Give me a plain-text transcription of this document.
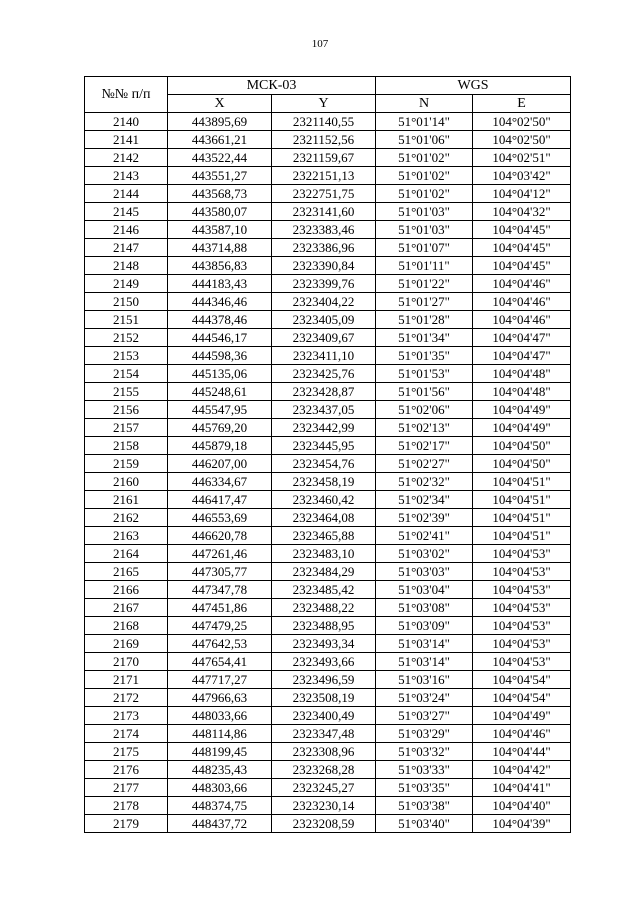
107
№№ п/п	МСК-03		WGS	
	X	Y	N	E
2140	443895,69	2321140,55	51°01'14"	104°02'50"
2141	443661,21	2321152,56	51°01'06"	104°02'50"
2142	443522,44	2321159,67	51°01'02"	104°02'51"
2143	443551,27	2322151,13	51°01'02"	104°03'42"
2144	443568,73	2322751,75	51°01'02"	104°04'12"
2145	443580,07	2323141,60	51°01'03"	104°04'32"
2146	443587,10	2323383,46	51°01'03"	104°04'45"
2147	443714,88	2323386,96	51°01'07"	104°04'45"
2148	443856,83	2323390,84	51°01'11"	104°04'45"
2149	444183,43	2323399,76	51°01'22"	104°04'46"
2150	444346,46	2323404,22	51°01'27"	104°04'46"
2151	444378,46	2323405,09	51°01'28"	104°04'46"
2152	444546,17	2323409,67	51°01'34"	104°04'47"
2153	444598,36	2323411,10	51°01'35"	104°04'47"
2154	445135,06	2323425,76	51°01'53"	104°04'48"
2155	445248,61	2323428,87	51°01'56"	104°04'48"
2156	445547,95	2323437,05	51°02'06"	104°04'49"
2157	445769,20	2323442,99	51°02'13"	104°04'49"
2158	445879,18	2323445,95	51°02'17"	104°04'50"
2159	446207,00	2323454,76	51°02'27"	104°04'50"
2160	446334,67	2323458,19	51°02'32"	104°04'51"
2161	446417,47	2323460,42	51°02'34"	104°04'51"
2162	446553,69	2323464,08	51°02'39"	104°04'51"
2163	446620,78	2323465,88	51°02'41"	104°04'51"
2164	447261,46	2323483,10	51°03'02"	104°04'53"
2165	447305,77	2323484,29	51°03'03"	104°04'53"
2166	447347,78	2323485,42	51°03'04"	104°04'53"
2167	447451,86	2323488,22	51°03'08"	104°04'53"
2168	447479,25	2323488,95	51°03'09"	104°04'53"
2169	447642,53	2323493,34	51°03'14"	104°04'53"
2170	447654,41	2323493,66	51°03'14"	104°04'53"
2171	447717,27	2323496,59	51°03'16"	104°04'54"
2172	447966,63	2323508,19	51°03'24"	104°04'54"
2173	448033,66	2323400,49	51°03'27"	104°04'49"
2174	448114,86	2323347,48	51°03'29"	104°04'46"
2175	448199,45	2323308,96	51°03'32"	104°04'44"
2176	448235,43	2323268,28	51°03'33"	104°04'42"
2177	448303,66	2323245,27	51°03'35"	104°04'41"
2178	448374,75	2323230,14	51°03'38"	104°04'40"
2179	448437,72	2323208,59	51°03'40"	104°04'39"
